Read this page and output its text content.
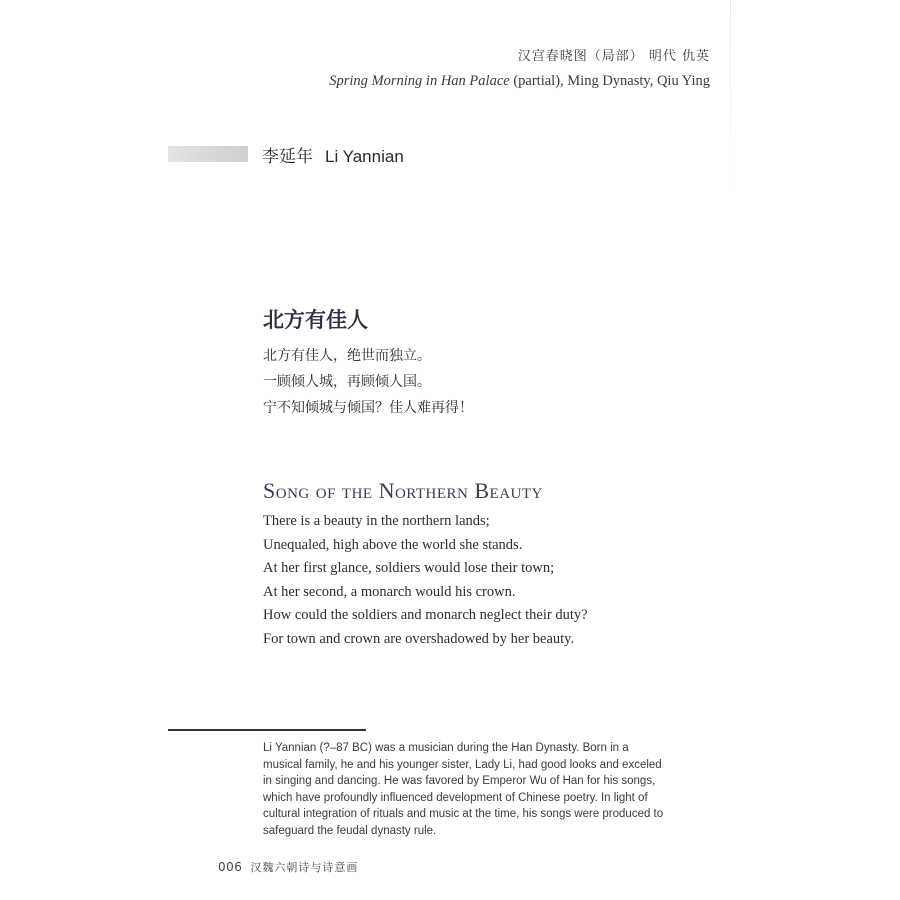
汉宫春晓图（局部） 明代 仇英
Spring Morning in Han Palace (partial), Ming Dynasty, Qiu Ying
李延年 Li Yannian
北方有佳人
北方有佳人，绝世而独立。
一顾倾人城，再顾倾人国。
宁不知倾城与倾国？佳人难再得！
Song of the Northern Beauty
There is a beauty in the northern lands;
Unequaled, high above the world she stands.
At her first glance, soldiers would lose their town;
At her second, a monarch would his crown.
How could the soldiers and monarch neglect their duty?
For town and crown are overshadowed by her beauty.
Li Yannian (?–87 BC) was a musician during the Han Dynasty. Born in a musical family, he and his younger sister, Lady Li, had good looks and exceled in singing and dancing. He was favored by Emperor Wu of Han for his songs, which have profoundly influenced development of Chinese poetry. In light of cultural integration of rituals and music at the time, his songs were produced to safeguard the feudal dynasty rule.
006 汉魏六朝诗与诗意画
